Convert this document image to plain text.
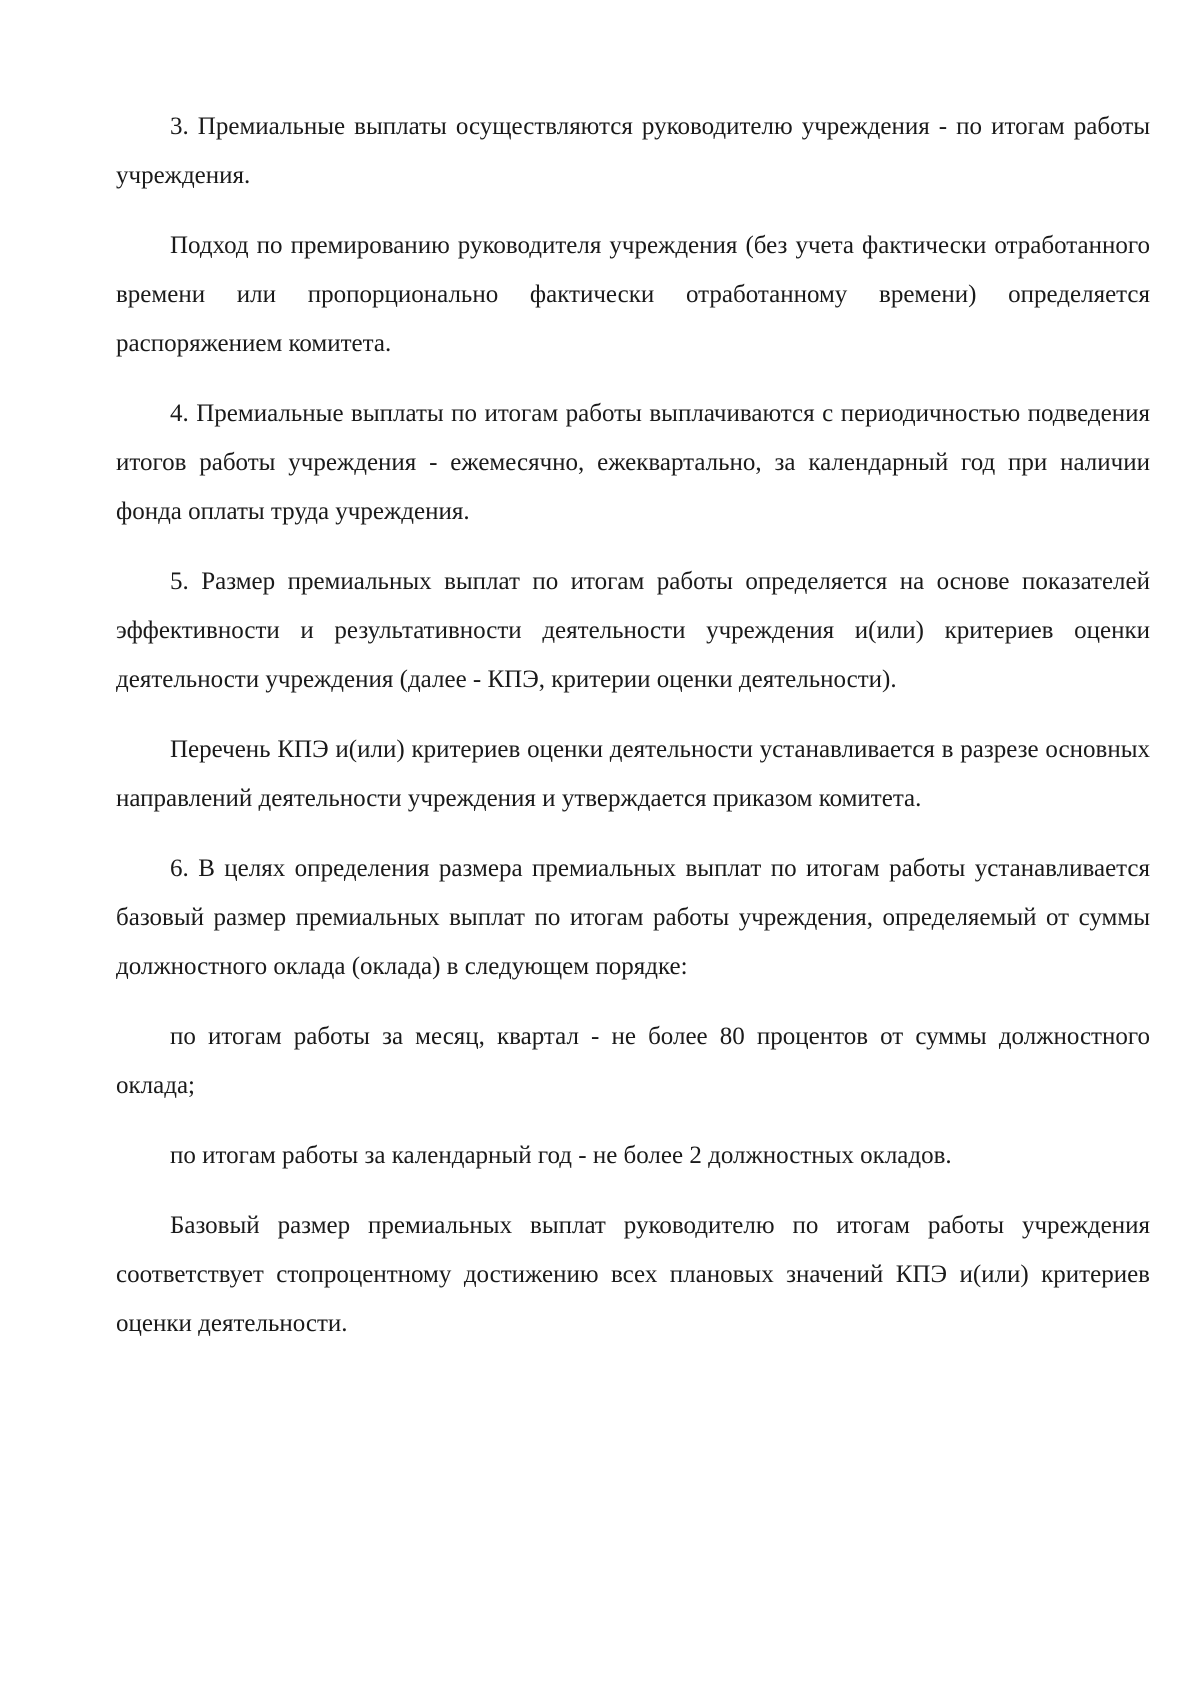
3. Премиальные выплаты осуществляются руководителю учреждения - по итогам работы учреждения.

Подход по премированию руководителя учреждения (без учета фактически отработанного времени или пропорционально фактически отработанному времени) определяется распоряжением комитета.

4. Премиальные выплаты по итогам работы выплачиваются с периодичностью подведения итогов работы учреждения - ежемесячно, ежеквартально, за календарный год при наличии фонда оплаты труда учреждения.

5. Размер премиальных выплат по итогам работы определяется на основе показателей эффективности и результативности деятельности учреждения и(или) критериев оценки деятельности учреждения (далее - КПЭ, критерии оценки деятельности).

Перечень КПЭ и(или) критериев оценки деятельности устанавливается в разрезе основных направлений деятельности учреждения и утверждается приказом комитета.

6. В целях определения размера премиальных выплат по итогам работы устанавливается базовый размер премиальных выплат по итогам работы учреждения, определяемый от суммы должностного оклада (оклада) в следующем порядке:

по итогам работы за месяц, квартал - не более 80 процентов от суммы должностного оклада;

по итогам работы за календарный год - не более 2 должностных окладов.

Базовый размер премиальных выплат руководителю по итогам работы учреждения соответствует стопроцентному достижению всех плановых значений КПЭ и(или) критериев оценки деятельности.
